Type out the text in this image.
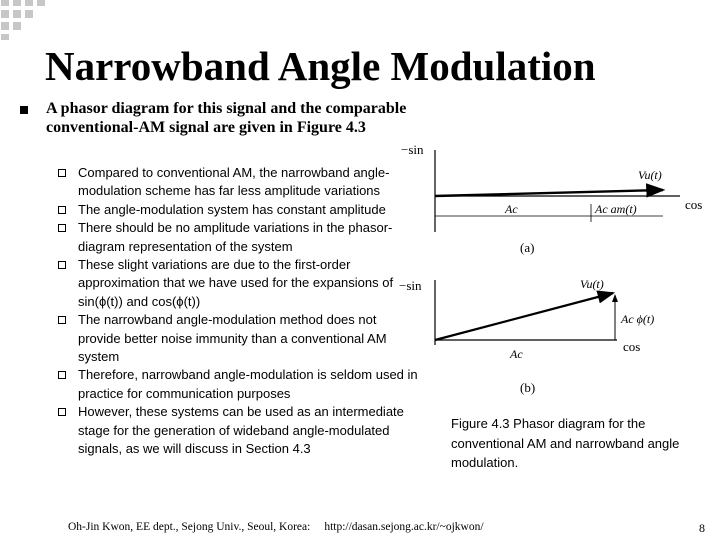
Narrowband Angle Modulation
A phasor diagram for this signal and the comparable conventional-AM signal are given in Figure 4.3
Compared to conventional AM, the narrowband angle-modulation scheme has far less amplitude variations
The angle-modulation system has constant amplitude
There should be no amplitude variations in the phasor-diagram representation of the system
These slight variations are due to the first-order approximation that we have used for the expansions of sin(ϕ(t)) and cos(ϕ(t))
The narrowband angle-modulation method does not provide better noise immunity than a conventional AM system
Therefore, narrowband angle-modulation is seldom used in practice for communication purposes
However, these systems can be used as an intermediate stage for the generation of wideband angle-modulated signals, as we will discuss in Section 4.3
−sin
Vu(t)
cos
Ac	Ac am(t)
(a)
−sin	Vu(t)
Ac ϕ(t)
Ac	cos
(b)
Figure 4.3 Phasor diagram for the conventional AM and narrowband angle modulation.
Oh-Jin Kwon, EE dept., Sejong Univ., Seoul, Korea: http://dasan.sejong.ac.kr/~ojkwon/	8
